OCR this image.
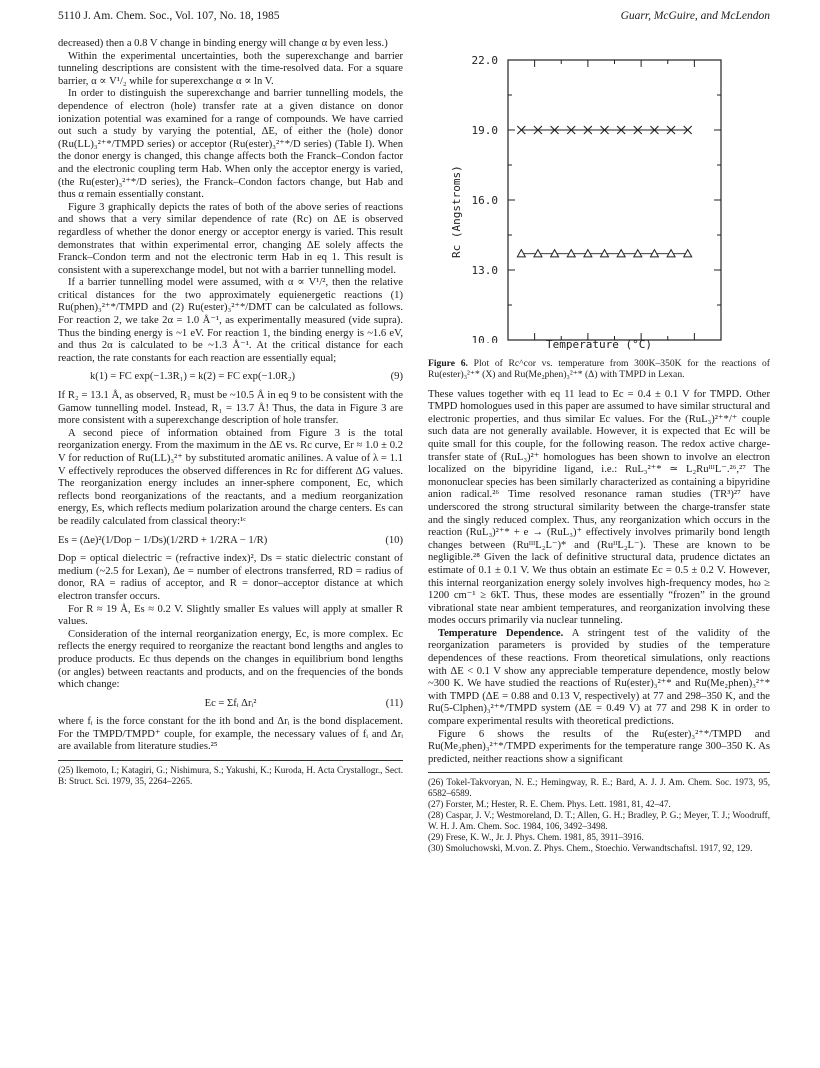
5110 J. Am. Chem. Soc., Vol. 107, No. 18, 1985	Guarr, McGuire, and McLendon

decreased) then a 0.8 V change in binding energy will change α by even less.)

Within the experimental uncertainties, both the superexchange and barrier tunneling descriptions are consistent with the time-resolved data. For a square barrier, α ∝ V¹/₂ while for superexchange α ∝ ln V.

In order to distinguish the superexchange and barrier tunnelling models, the dependence of electron (hole) transfer rate at a given distance on donor ionization potential was examined for a range of compounds. We have carried out such a study by varying the potential, ΔE, of either the (hole) donor (Ru(LL)₃²⁺*/TMPD series) or acceptor (Ru(ester)₃²⁺*/D series) (Table I). When the donor energy is changed, this change affects both the Franck–Condon factor and the electronic coupling term Hab. When only the acceptor energy is varied, (the Ru(ester)₃²⁺*/D series), the Franck–Condon factors change, but Hab and thus α remain essentially constant.

Figure 3 graphically depicts the rates of both of the above series of reactions and shows that a very similar dependence of rate (Rc) on ΔE is observed regardless of whether the donor energy or acceptor energy is varied. This result demonstrates that within experimental error, changing ΔE solely affects the Franck–Condon term and not the electronic term Hab in eq 1. This result is consistent with a superexchange model, but not with a barrier tunnelling model.

If a barrier tunnelling model were assumed, with α ∝ V¹/², then the relative critical distances for the two approximately equienergetic reactions (1) Ru(phen)₃²⁺*/TMPD and (2) Ru(ester)₃²⁺*/DMT can be calculated as follows. For reaction 2, we take 2α = 1.0 Å⁻¹, as experimentally measured (vide supra). Thus the binding energy is ~1 eV. For reaction 1, the binding energy is ~1.6 eV, and thus 2α is calculated to be ~1.3 Å⁻¹. At the critical distance for each reaction, the rate constants for each reaction are essentially equal;

k(1) = FC exp(−1.3R₁) = k(2) = FC exp(−1.0R₂)	(9)

If R₂ = 13.1 Å, as observed, R₁ must be ~10.5 Å in eq 9 to be consistent with the Gamow tunnelling model. Instead, R₁ = 13.7 Å! Thus, the data in Figure 3 are more consistent with a superexchange description of hole transfer.

A second piece of information obtained from Figure 3 is the total reorganization energy. From the maximum in the ΔE vs. Rc curve, Er ≈ 1.0 ± 0.2 V for reduction of Ru(LL)₃²⁺ by substituted aromatic anilines. A value of λ = 1.1 V effectively reproduces the observed differences in Rc for different ΔG values. The reorganization energy includes an inner-sphere component, Ec, which reflects bond reorganizations of the reactants, and a medium reorganization energy, Es, which reflects medium polarization around the charge centers. Es can be readily calculated from classical theory:¹ᶜ

Es = (Δe)²(1/Dop − 1/Ds)(1/2RD + 1/2RA − 1/R)	(10)

Dop = optical dielectric = (refractive index)², Ds = static dielectric constant of medium (~2.5 for Lexan), Δe = number of electrons transferred, RD = radius of donor, RA = radius of acceptor, and R = donor–acceptor distance at which electron transfer occurs.

For R ≈ 19 Å, Es ≈ 0.2 V. Slightly smaller Es values will apply at smaller R values.

Consideration of the internal reorganization energy, Ec, is more complex. Ec reflects the energy required to reorganize the reactant bond lengths and angles to produce products. Ec thus depends on the changes in equilibrium bond lengths (or angles) between reactants and products, and on the frequencies of the bonds which change:

Ec = Σfᵢ Δrᵢ²	(11)

where fᵢ is the force constant for the ith bond and Δrᵢ is the bond displacement. For the TMPD/TMPD⁺ couple, for example, the necessary values of fᵢ and Δrᵢ are available from literature studies.²⁵

(25) Ikemoto, I.; Katagiri, G.; Nishimura, S.; Yakushi, K.; Kuroda, H. Acta Crystallogr., Sect. B: Struct. Sci. 1979, 35, 2264–2265.

22.0
19.0
16.0
13.0
10.0
Rc (Angstroms)
Temperature (°C)
Figure 6. Plot of Rc^cor vs. temperature from 300K–350K for the reactions of Ru(ester)₃²⁺* (X) and Ru(Me₂phen)₃²⁺* (Δ) with TMPD in Lexan.

These values together with eq 11 lead to Ec = 0.4 ± 0.1 V for TMPD. Other TMPD homologues used in this paper are assumed to have similar structural and electronic properties, and thus similar Ec values. For the (RuL₃)²⁺*/⁺ couple such data are not generally available. However, it is expected that Ec will be quite small for this couple, for the following reason. The redox active charge-transfer state of (RuL₃)²⁺ homologues has been shown to involve an electron localized on the bipyridine ligand, i.e.: RuL₃²⁺* ≃ L₂RuᴵᴵᴵL⁻.²⁶,²⁷ The mononuclear species has been similarly characterized as containing a bipyridine anion radical.²⁶ Time resolved resonance raman studies (TR³)²⁷ have underscored the strong structural similarity between the charge-transfer state and the singly reduced complex. Thus, any reorganization which occurs in the reaction (RuL₃)²⁺* + e → (RuL₃)⁺ effectively involves primarily bond length changes between (RuᴵᴵᴵL₂L⁻)* and (RuᴵᴵL₂L⁻). These are known to be negligible.²⁸ Given the lack of definitive structural data, prudence dictates an estimate of 0.1 ± 0.1 V. We thus obtain an estimate Ec = 0.5 ± 0.2 V. However, this internal reorganization energy solely involves high-frequency modes, hω ≥ 1200 cm⁻¹ ≥ 6kT. Thus, these modes are essentially “frozen” in the ground vibrational state near ambient temperatures, and reorganization involving these modes occurs primarily via nuclear tunneling.

Temperature Dependence. A stringent test of the validity of the reorganization parameters is provided by studies of the temperature dependences of these reactions. From theoretical simulations, only reactions with ΔE < 0.1 V show any appreciable temperature dependence, mostly below ~300 K. We have studied the reactions of Ru(ester)₃²⁺* and Ru(Me₂phen)₃²⁺* with TMPD (ΔE = 0.88 and 0.13 V, respectively) at 77 and 298–350 K, and the Ru(5-Clphen)₃²⁺*/TMPD system (ΔE = 0.49 V) at 77 and 298 K in order to compare experimental results with theoretical predictions.

Figure 6 shows the results of the Ru(ester)₃²⁺*/TMPD and Ru(Me₂phen)₃²⁺*/TMPD experiments for the temperature range 300–350 K. As predicted, neither reactions show a significant

(26) Tokel-Takvoryan, N. E.; Hemingway, R. E.; Bard, A. J. J. Am. Chem. Soc. 1973, 95, 6582–6589.

(27) Forster, M.; Hester, R. E. Chem. Phys. Lett. 1981, 81, 42–47.

(28) Caspar, J. V.; Westmoreland, D. T.; Allen, G. H.; Bradley, P. G.; Meyer, T. J.; Woodruff, W. H. J. Am. Chem. Soc. 1984, 106, 3492–3498.

(29) Frese, K. W., Jr. J. Phys. Chem. 1981, 85, 3911–3916.

(30) Smoluchowski, M.von. Z. Phys. Chem., Stoechio. Verwandtschaftsl. 1917, 92, 129.
